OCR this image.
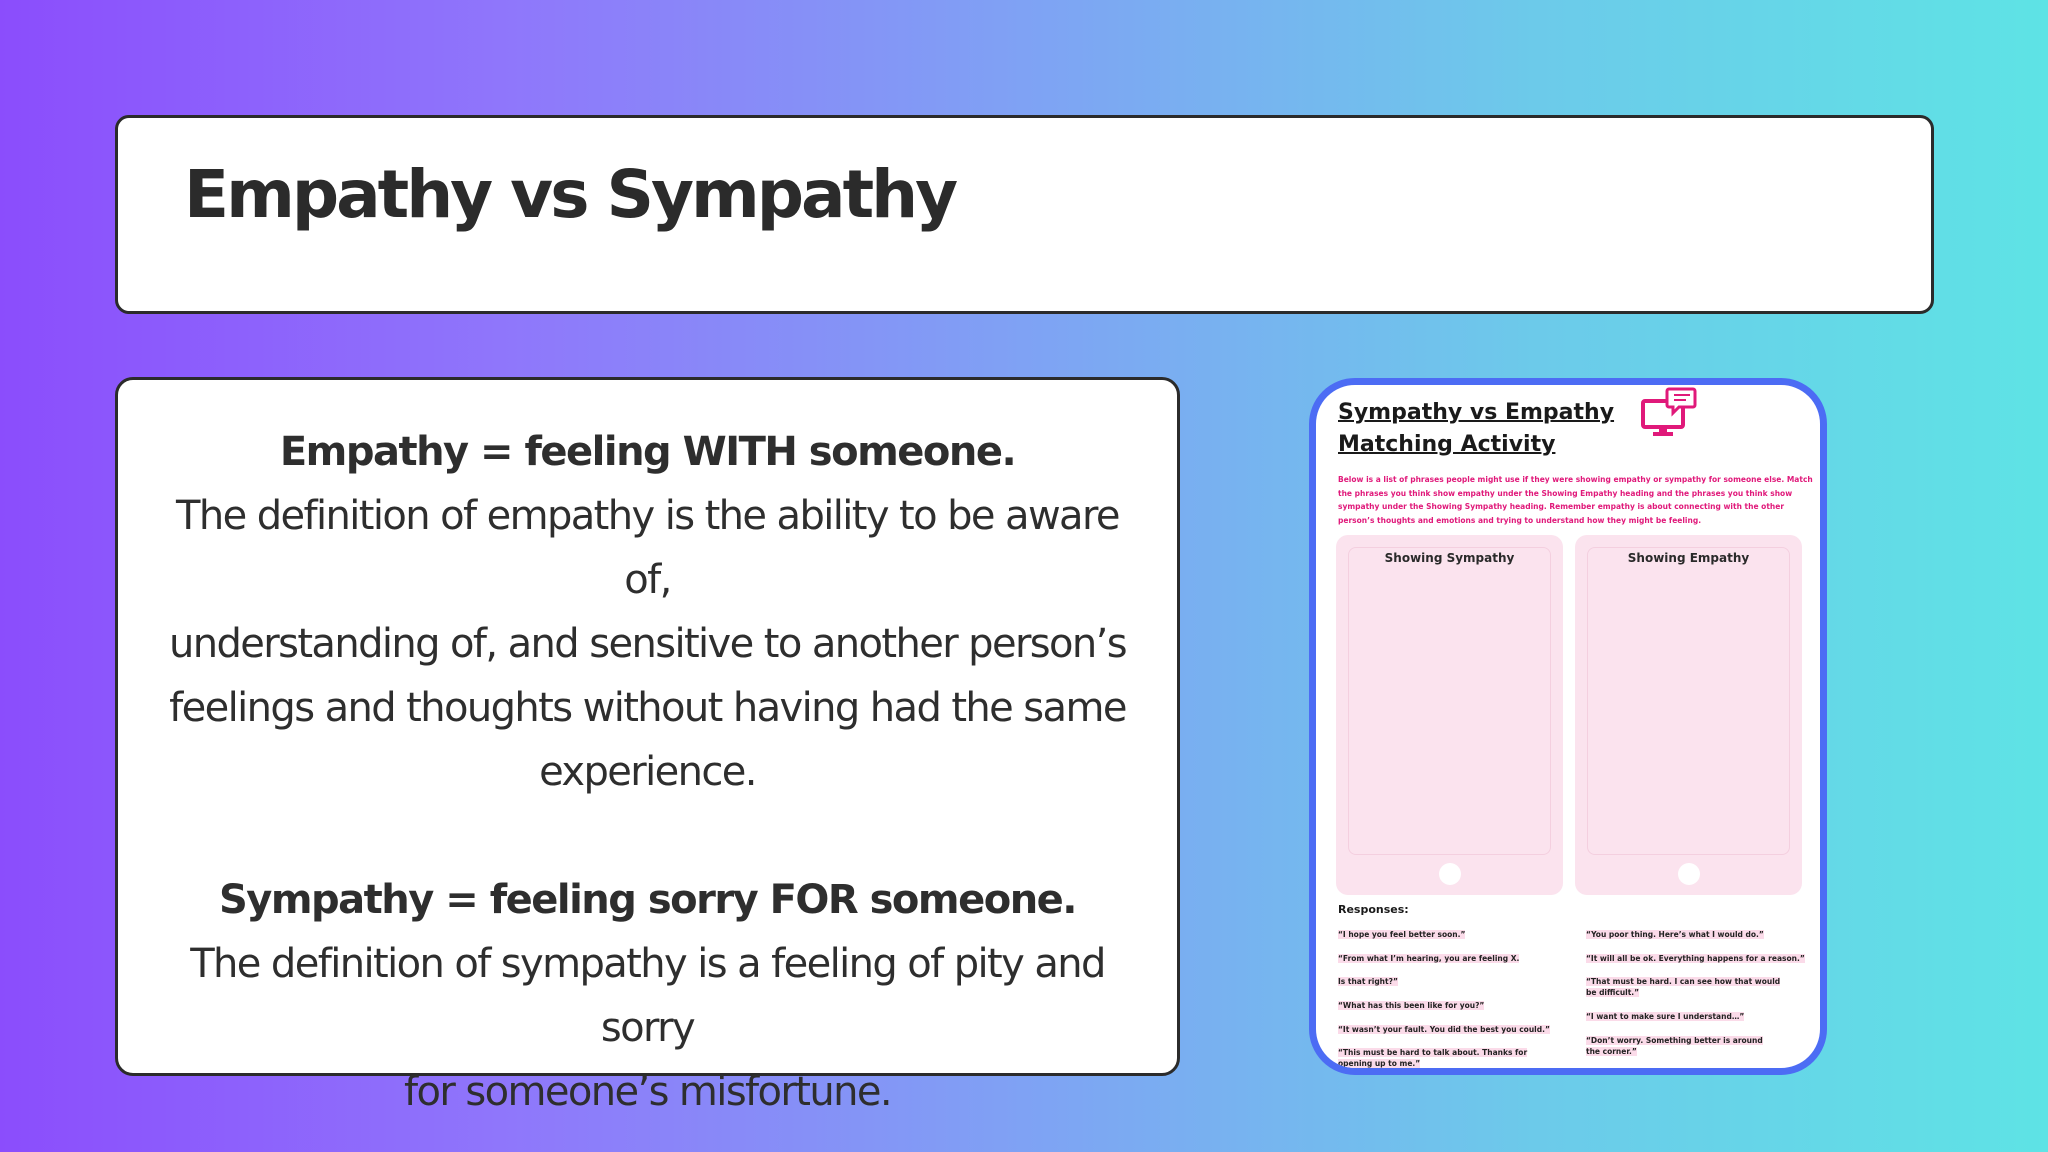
Empathy vs Sympathy
Empathy = feeling WITH someone.
The definition of empathy is the ability to be aware of,
understanding of, and sensitive to another person’s
feelings and thoughts without having had the same
experience.
Sympathy = feeling sorry FOR someone.
The definition of sympathy is a feeling of pity and sorry
for someone’s misfortune.
Sympathy vs Empathy
Matching Activity
Below is a list of phrases people might use if they were showing empathy or sympathy for someone else. Match the phrases you think show empathy under the Showing Empathy heading and the phrases you think show sympathy under the Showing Sympathy heading. Remember empathy is about connecting with the other person’s thoughts and emotions and trying to understand how they might be feeling.
Showing Sympathy	Showing Empathy
Responses:
“I hope you feel better soon.”
“From what I’m hearing, you are feeling X.
Is that right?”
“What has this been like for you?”
“It wasn’t your fault. You did the best you could.”
“This must be hard to talk about. Thanks for opening up to me.”
“You poor thing. Here’s what I would do.”
“It will all be ok. Everything happens for a reason.”
“That must be hard. I can see how that would be difficult.”
“I want to make sure I understand…”
“Don’t worry. Something better is around the corner.”
